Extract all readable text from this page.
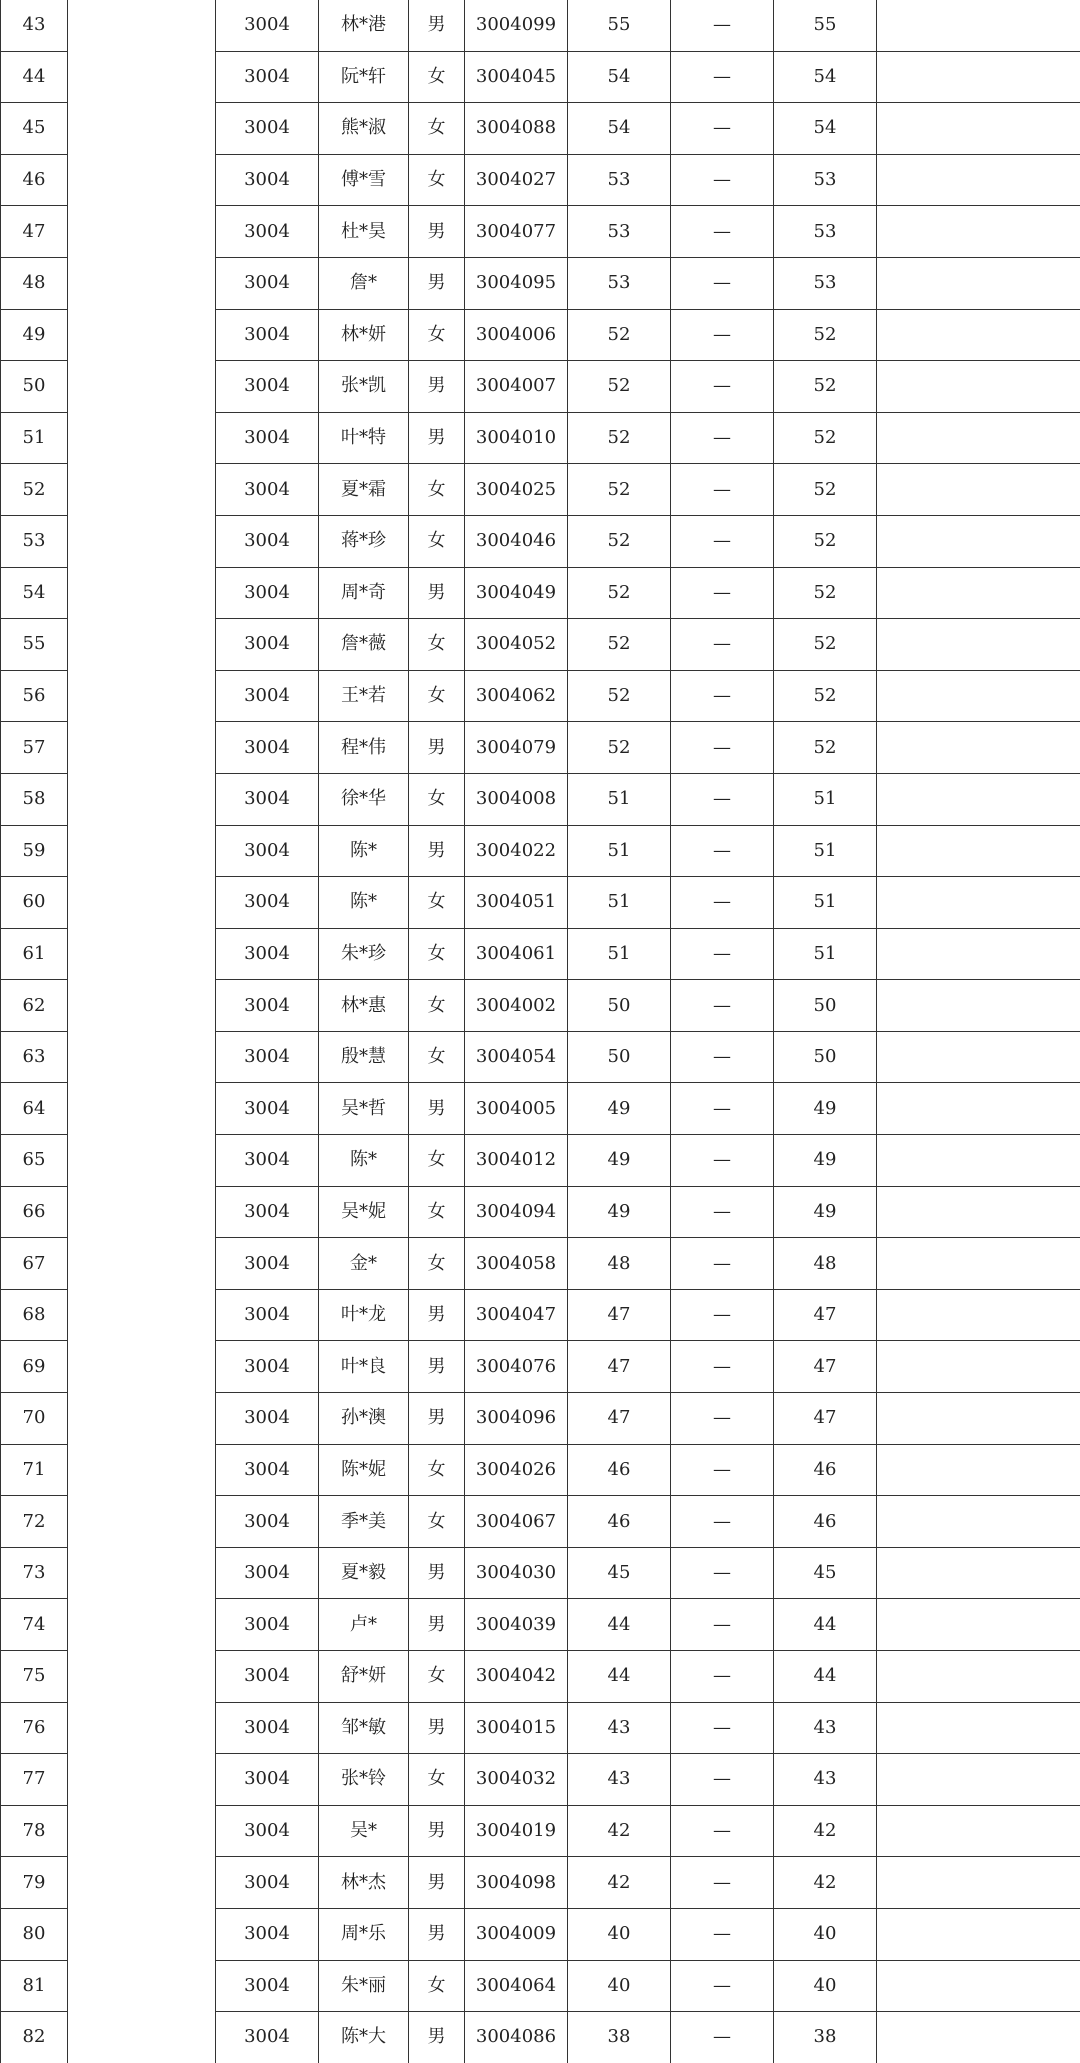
43		3004	林*港	男	3004099	55	—	55	
44		3004	阮*轩	女	3004045	54	—	54	
45		3004	熊*淑	女	3004088	54	—	54	
46		3004	傅*雪	女	3004027	53	—	53	
47		3004	杜*昊	男	3004077	53	—	53	
48		3004	詹*	男	3004095	53	—	53	
49		3004	林*妍	女	3004006	52	—	52	
50		3004	张*凯	男	3004007	52	—	52	
51		3004	叶*特	男	3004010	52	—	52	
52		3004	夏*霜	女	3004025	52	—	52	
53		3004	蒋*珍	女	3004046	52	—	52	
54		3004	周*奇	男	3004049	52	—	52	
55		3004	詹*薇	女	3004052	52	—	52	
56		3004	王*若	女	3004062	52	—	52	
57		3004	程*伟	男	3004079	52	—	52	
58		3004	徐*华	女	3004008	51	—	51	
59		3004	陈*	男	3004022	51	—	51	
60		3004	陈*	女	3004051	51	—	51	
61		3004	朱*珍	女	3004061	51	—	51	
62		3004	林*惠	女	3004002	50	—	50	
63		3004	殷*慧	女	3004054	50	—	50	
64		3004	吴*哲	男	3004005	49	—	49	
65		3004	陈*	女	3004012	49	—	49	
66		3004	吴*妮	女	3004094	49	—	49	
67		3004	金*	女	3004058	48	—	48	
68		3004	叶*龙	男	3004047	47	—	47	
69		3004	叶*良	男	3004076	47	—	47	
70		3004	孙*澳	男	3004096	47	—	47	
71		3004	陈*妮	女	3004026	46	—	46	
72		3004	季*美	女	3004067	46	—	46	
73		3004	夏*毅	男	3004030	45	—	45	
74		3004	卢*	男	3004039	44	—	44	
75		3004	舒*妍	女	3004042	44	—	44	
76		3004	邹*敏	男	3004015	43	—	43	
77		3004	张*铃	女	3004032	43	—	43	
78		3004	吴*	男	3004019	42	—	42	
79		3004	林*杰	男	3004098	42	—	42	
80		3004	周*乐	男	3004009	40	—	40	
81		3004	朱*丽	女	3004064	40	—	40	
82		3004	陈*大	男	3004086	38	—	38	
